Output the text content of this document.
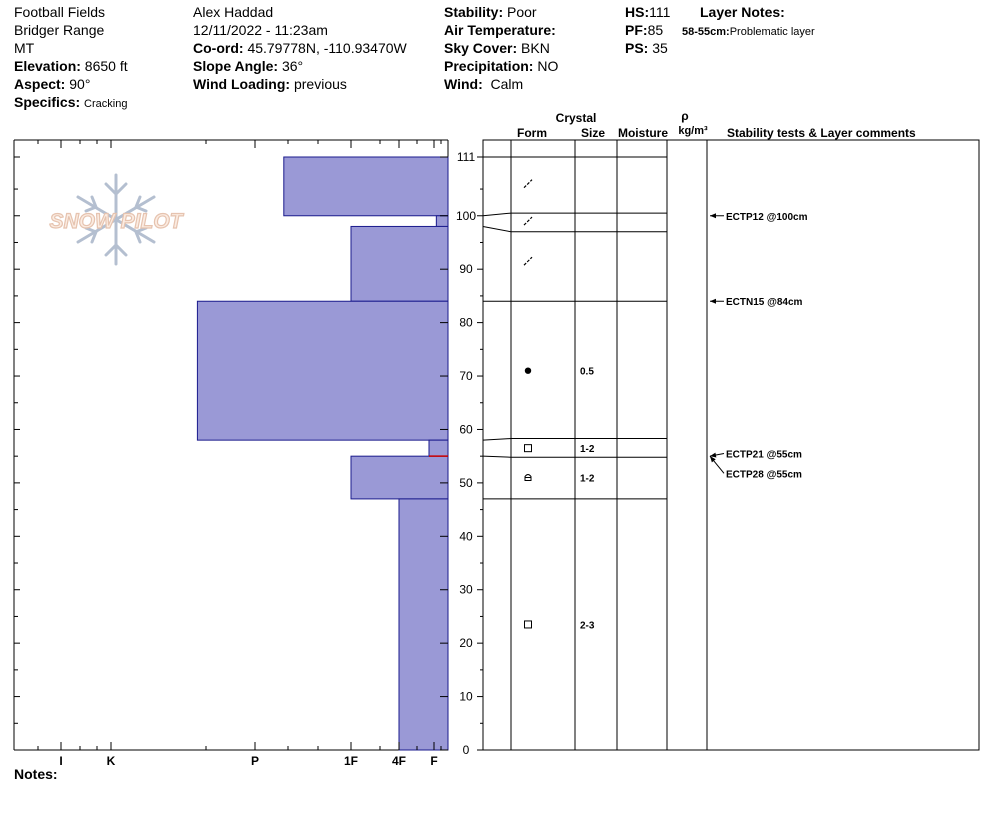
Football Fields
Bridger Range
MT
Elevation: 8650 ft
Aspect: 90°
Specifics: Cracking
Alex Haddad
12/11/2022 - 11:23am
Co-ord: 45.79778N, -110.93470W
Slope Angle: 36°
Wind Loading: previous
Stability: Poor
Air Temperature:
Sky Cover: BKN
Precipitation: NO
Wind: Calm
HS:111
PF:85
PS: 35
Layer Notes:
58-55cm:Problematic layer
SNOW PILOT
I	K	P	1F	4F F
0
10
20
30
40
50
60
70
80
90
100
111
Crystal
Form	Size Moisture
ρ
kg/m³ Stability tests & Layer comments
0.5
1-2
1-2
2-3
ECTP12 @100cm
ECTN15 @84cm
ECTP21 @55cm
ECTP28 @55cm
Notes:
